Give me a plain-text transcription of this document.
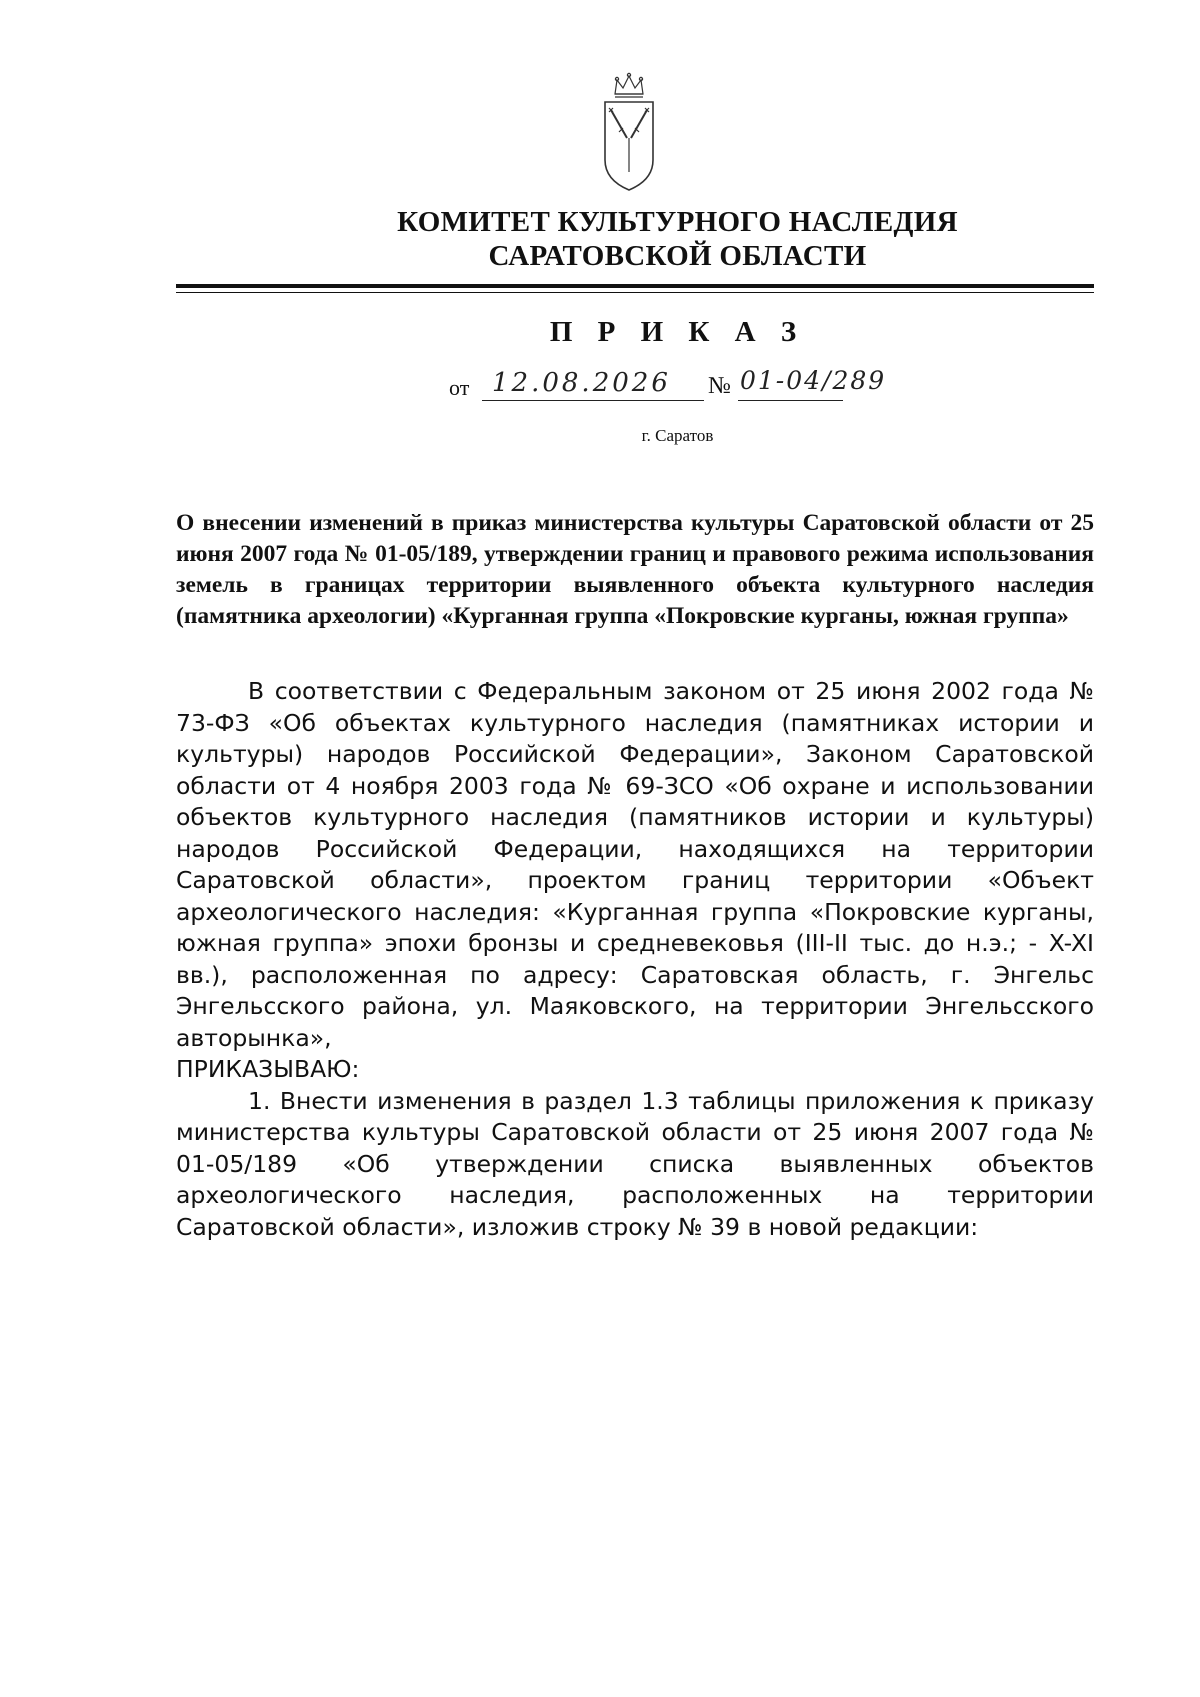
КОМИТЕТ КУЛЬТУРНОГО НАСЛЕДИЯ
САРАТОВСКОЙ ОБЛАСТИ
П Р И К А З
от 12.08.2026 № 01-04/289
г. Саратов
О внесении изменений в приказ министерства культуры Саратовской области от 25 июня 2007 года № 01-05/189, утверждении границ и правового режима использования земель в границах территории выявленного объекта культурного наследия (памятника археологии) «Курганная группа «Покровские курганы, южная группа»

В соответствии с Федеральным законом от 25 июня 2002 года № 73-ФЗ «Об объектах культурного наследия (памятниках истории и культуры) народов Российской Федерации», Законом Саратовской области от 4 ноября 2003 года № 69-ЗСО «Об охране и использовании объектов культурного наследия (памятников истории и культуры) народов Российской Федерации, находящихся на территории Саратовской области», проектом границ территории «Объект археологического наследия: «Курганная группа «Покровские курганы, южная группа» эпохи бронзы и средневековья (III-II тыс. до н.э.; - X-XI вв.), расположенная по адресу: Саратовская область, г. Энгельс Энгельсского района, ул. Маяковского, на территории Энгельсского авторынка»,

ПРИКАЗЫВАЮ:

1. Внести изменения в раздел 1.3 таблицы приложения к приказу министерства культуры Саратовской области от 25 июня 2007 года № 01-05/189 «Об утверждении списка выявленных объектов археологического наследия, расположенных на территории Саратовской области», изложив строку № 39 в новой редакции:
